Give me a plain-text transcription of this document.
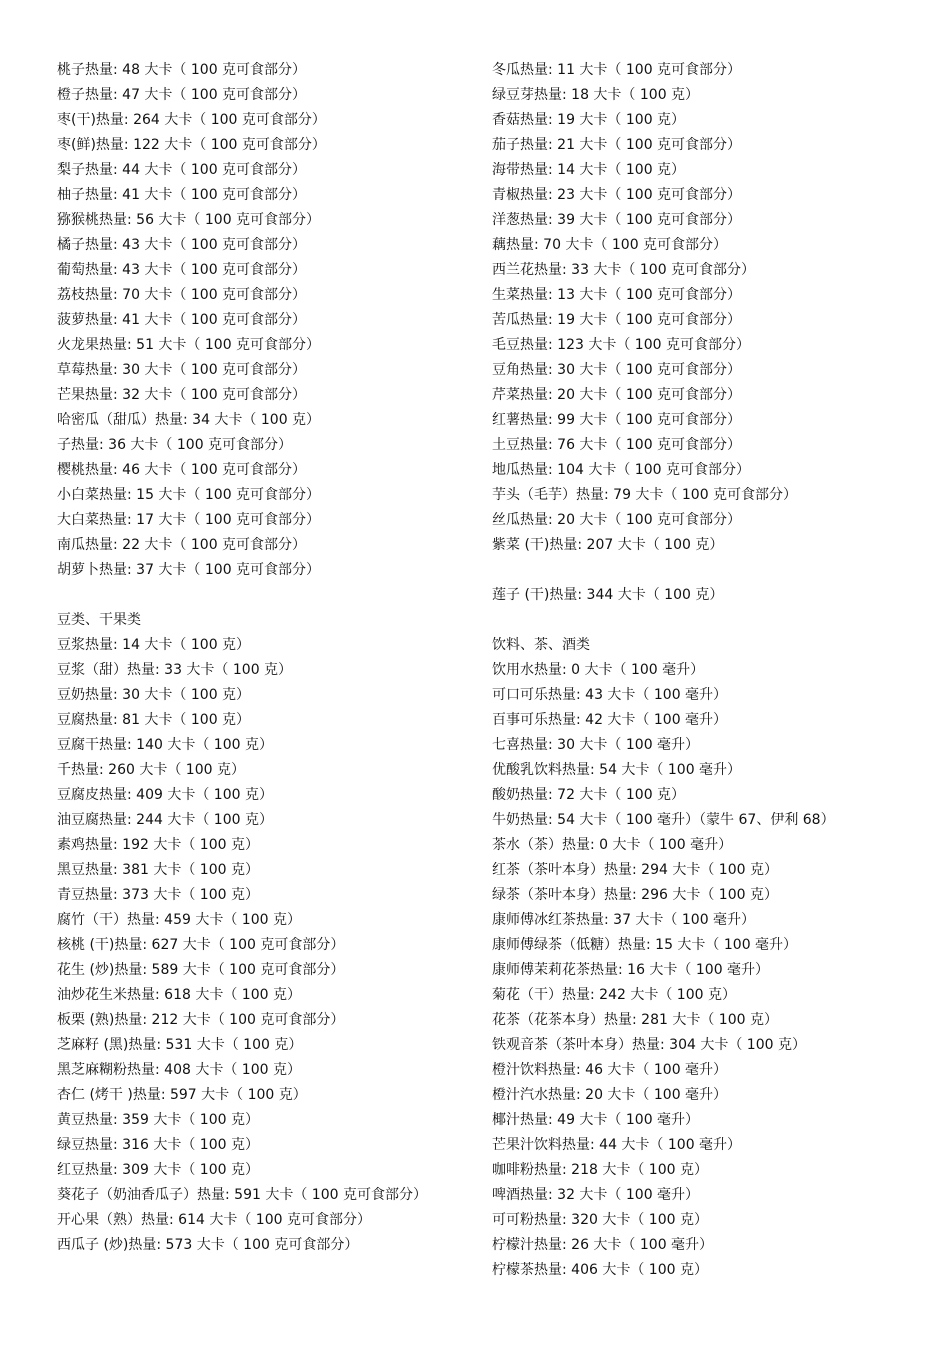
桃子热量: 48 大卡（ 100 克可食部分）
橙子热量: 47 大卡（ 100 克可食部分）
枣(干)热量: 264 大卡（ 100 克可食部分）
枣(鲜)热量: 122 大卡（ 100 克可食部分）
梨子热量: 44 大卡（ 100 克可食部分）
柚子热量: 41 大卡（ 100 克可食部分）
猕猴桃热量: 56 大卡（ 100 克可食部分）
橘子热量: 43 大卡（ 100 克可食部分）
葡萄热量: 43 大卡（ 100 克可食部分）
荔枝热量: 70 大卡（ 100 克可食部分）
菠萝热量: 41 大卡（ 100 克可食部分）
火龙果热量: 51 大卡（ 100 克可食部分）
草莓热量: 30 大卡（ 100 克可食部分）
芒果热量: 32 大卡（ 100 克可食部分）
哈密瓜（甜瓜）热量: 34 大卡（ 100 克）
子热量: 36 大卡（ 100 克可食部分）
樱桃热量: 46 大卡（ 100 克可食部分）
小白菜热量: 15 大卡（ 100 克可食部分）
大白菜热量: 17 大卡（ 100 克可食部分）
南瓜热量: 22 大卡（ 100 克可食部分）
胡萝卜热量: 37 大卡（ 100 克可食部分）
豆类、干果类
豆浆热量: 14 大卡（ 100 克）
豆浆（甜）热量: 33 大卡（ 100 克）
豆奶热量: 30 大卡（ 100 克）
豆腐热量: 81 大卡（ 100 克）
豆腐干热量: 140 大卡（ 100 克）
千热量: 260 大卡（ 100 克）
豆腐皮热量: 409 大卡（ 100 克）
油豆腐热量: 244 大卡（ 100 克）
素鸡热量: 192 大卡（ 100 克）
黑豆热量: 381 大卡（ 100 克）
青豆热量: 373 大卡（ 100 克）
腐竹（干）热量: 459 大卡（ 100 克）
核桃 (干)热量: 627 大卡（ 100 克可食部分）
花生 (炒)热量: 589 大卡（ 100 克可食部分）
油炒花生米热量: 618 大卡（ 100 克）
板栗 (熟)热量: 212 大卡（ 100 克可食部分）
芝麻籽 (黑)热量: 531 大卡（ 100 克）
黑芝麻糊粉热量: 408 大卡（ 100 克）
杏仁 (烤干 )热量: 597 大卡（ 100 克）
黄豆热量: 359 大卡（ 100 克）
绿豆热量: 316 大卡（ 100 克）
红豆热量: 309 大卡（ 100 克）
葵花子（奶油香瓜子）热量: 591 大卡（ 100 克可食部分）
开心果（熟）热量: 614 大卡（ 100 克可食部分）
西瓜子 (炒)热量: 573 大卡（ 100 克可食部分）
冬瓜热量: 11 大卡（ 100 克可食部分）
绿豆芽热量: 18 大卡（ 100 克）
香菇热量: 19 大卡（ 100 克）
茄子热量: 21 大卡（ 100 克可食部分）
海带热量: 14 大卡（ 100 克）
青椒热量: 23 大卡（ 100 克可食部分）
洋葱热量: 39 大卡（ 100 克可食部分）
藕热量: 70 大卡（ 100 克可食部分）
西兰花热量: 33 大卡（ 100 克可食部分）
生菜热量: 13 大卡（ 100 克可食部分）
苦瓜热量: 19 大卡（ 100 克可食部分）
毛豆热量: 123 大卡（ 100 克可食部分）
豆角热量: 30 大卡（ 100 克可食部分）
芹菜热量: 20 大卡（ 100 克可食部分）
红薯热量: 99 大卡（ 100 克可食部分）
土豆热量: 76 大卡（ 100 克可食部分）
地瓜热量: 104 大卡（ 100 克可食部分）
芋头（毛芋）热量: 79 大卡（ 100 克可食部分）
丝瓜热量: 20 大卡（ 100 克可食部分）
紫菜 (干)热量: 207 大卡（ 100 克）
莲子 (干)热量: 344 大卡（ 100 克）
饮料、茶、酒类
饮用水热量: 0 大卡（ 100 毫升）
可口可乐热量: 43 大卡（ 100 毫升）
百事可乐热量: 42 大卡（ 100 毫升）
七喜热量: 30 大卡（ 100 毫升）
优酸乳饮料热量: 54 大卡（ 100 毫升）
酸奶热量: 72 大卡（ 100 克）
牛奶热量: 54 大卡（ 100 毫升）（蒙牛 67、伊利 68）
茶水（茶）热量: 0 大卡（ 100 毫升）
红茶（茶叶本身）热量: 294 大卡（ 100 克）
绿茶（茶叶本身）热量: 296 大卡（ 100 克）
康师傅冰红茶热量: 37 大卡（ 100 毫升）
康师傅绿茶（低糖）热量: 15 大卡（ 100 毫升）
康师傅茉莉花茶热量: 16 大卡（ 100 毫升）
菊花（干）热量: 242 大卡（ 100 克）
花茶（花茶本身）热量: 281 大卡（ 100 克）
铁观音茶（茶叶本身）热量: 304 大卡（ 100 克）
橙汁饮料热量: 46 大卡（ 100 毫升）
橙汁汽水热量: 20 大卡（ 100 毫升）
椰汁热量: 49 大卡（ 100 毫升）
芒果汁饮料热量: 44 大卡（ 100 毫升）
咖啡粉热量: 218 大卡（ 100 克）
啤酒热量: 32 大卡（ 100 毫升）
可可粉热量: 320 大卡（ 100 克）
柠檬汁热量: 26 大卡（ 100 毫升）
柠檬茶热量: 406 大卡（ 100 克）
